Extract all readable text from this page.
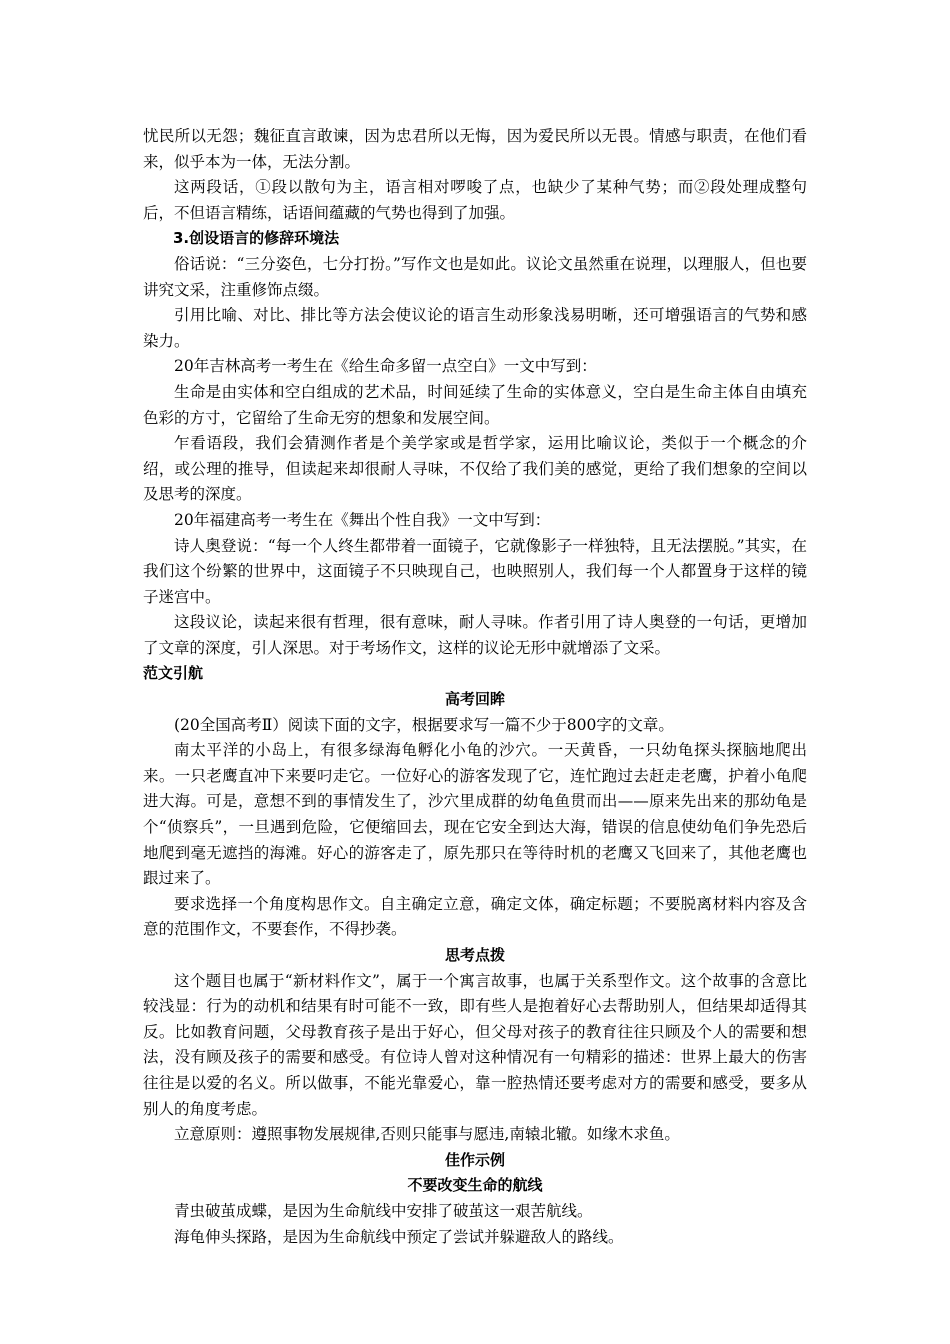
忧民所以无怨；魏征直言敢谏，因为忠君所以无悔，因为爱民所以无畏。情感与职责，在他们看来，似乎本为一体，无法分割。

这两段话，①段以散句为主，语言相对啰唆了点，也缺少了某种气势；而②段处理成整句后，不但语言精练，话语间蕴藏的气势也得到了加强。

3.创设语言的修辞环境法

俗话说：“三分姿色，七分打扮。”写作文也是如此。议论文虽然重在说理，以理服人，但也要讲究文采，注重修饰点缀。

引用比喻、对比、排比等方法会使议论的语言生动形象浅易明晰，还可增强语言的气势和感染力。

20年吉林高考一考生在《给生命多留一点空白》一文中写到：

生命是由实体和空白组成的艺术品，时间延续了生命的实体意义，空白是生命主体自由填充色彩的方寸，它留给了生命无穷的想象和发展空间。

乍看语段，我们会猜测作者是个美学家或是哲学家，运用比喻议论，类似于一个概念的介绍，或公理的推导，但读起来却很耐人寻味，不仅给了我们美的感觉，更给了我们想象的空间以及思考的深度。

20年福建高考一考生在《舞出个性自我》一文中写到：

诗人奥登说：“每一个人终生都带着一面镜子，它就像影子一样独特，且无法摆脱。”其实，在我们这个纷繁的世界中，这面镜子不只映现自己，也映照别人，我们每一个人都置身于这样的镜子迷宫中。

这段议论，读起来很有哲理，很有意味，耐人寻味。作者引用了诗人奥登的一句话，更增加了文章的深度，引人深思。对于考场作文，这样的议论无形中就增添了文采。

范文引航

高考回眸

(20全国高考Ⅱ）阅读下面的文字，根据要求写一篇不少于800字的文章。

南太平洋的小岛上，有很多绿海龟孵化小龟的沙穴。一天黄昏，一只幼龟探头探脑地爬出来。一只老鹰直冲下来要叼走它。一位好心的游客发现了它，连忙跑过去赶走老鹰，护着小龟爬进大海。可是，意想不到的事情发生了，沙穴里成群的幼龟鱼贯而出——原来先出来的那幼龟是个“侦察兵”，一旦遇到危险，它便缩回去，现在它安全到达大海，错误的信息使幼龟们争先恐后地爬到毫无遮挡的海滩。好心的游客走了，原先那只在等待时机的老鹰又飞回来了，其他老鹰也跟过来了。

要求选择一个角度构思作文。自主确定立意，确定文体，确定标题；不要脱离材料内容及含意的范围作文，不要套作，不得抄袭。

思考点拨

这个题目也属于“新材料作文”，属于一个寓言故事，也属于关系型作文。这个故事的含意比较浅显：行为的动机和结果有时可能不一致，即有些人是抱着好心去帮助别人，但结果却适得其反。比如教育问题，父母教育孩子是出于好心，但父母对孩子的教育往往只顾及个人的需要和想法，没有顾及孩子的需要和感受。有位诗人曾对这种情况有一句精彩的描述：世界上最大的伤害往往是以爱的名义。所以做事，不能光靠爱心，靠一腔热情还要考虑对方的需要和感受，要多从别人的角度考虑。

立意原则：遵照事物发展规律,否则只能事与愿违,南辕北辙。如缘木求鱼。

佳作示例

不要改变生命的航线

青虫破茧成蝶，是因为生命航线中安排了破茧这一艰苦航线。

海龟伸头探路，是因为生命航线中预定了尝试并躲避敌人的路线。
